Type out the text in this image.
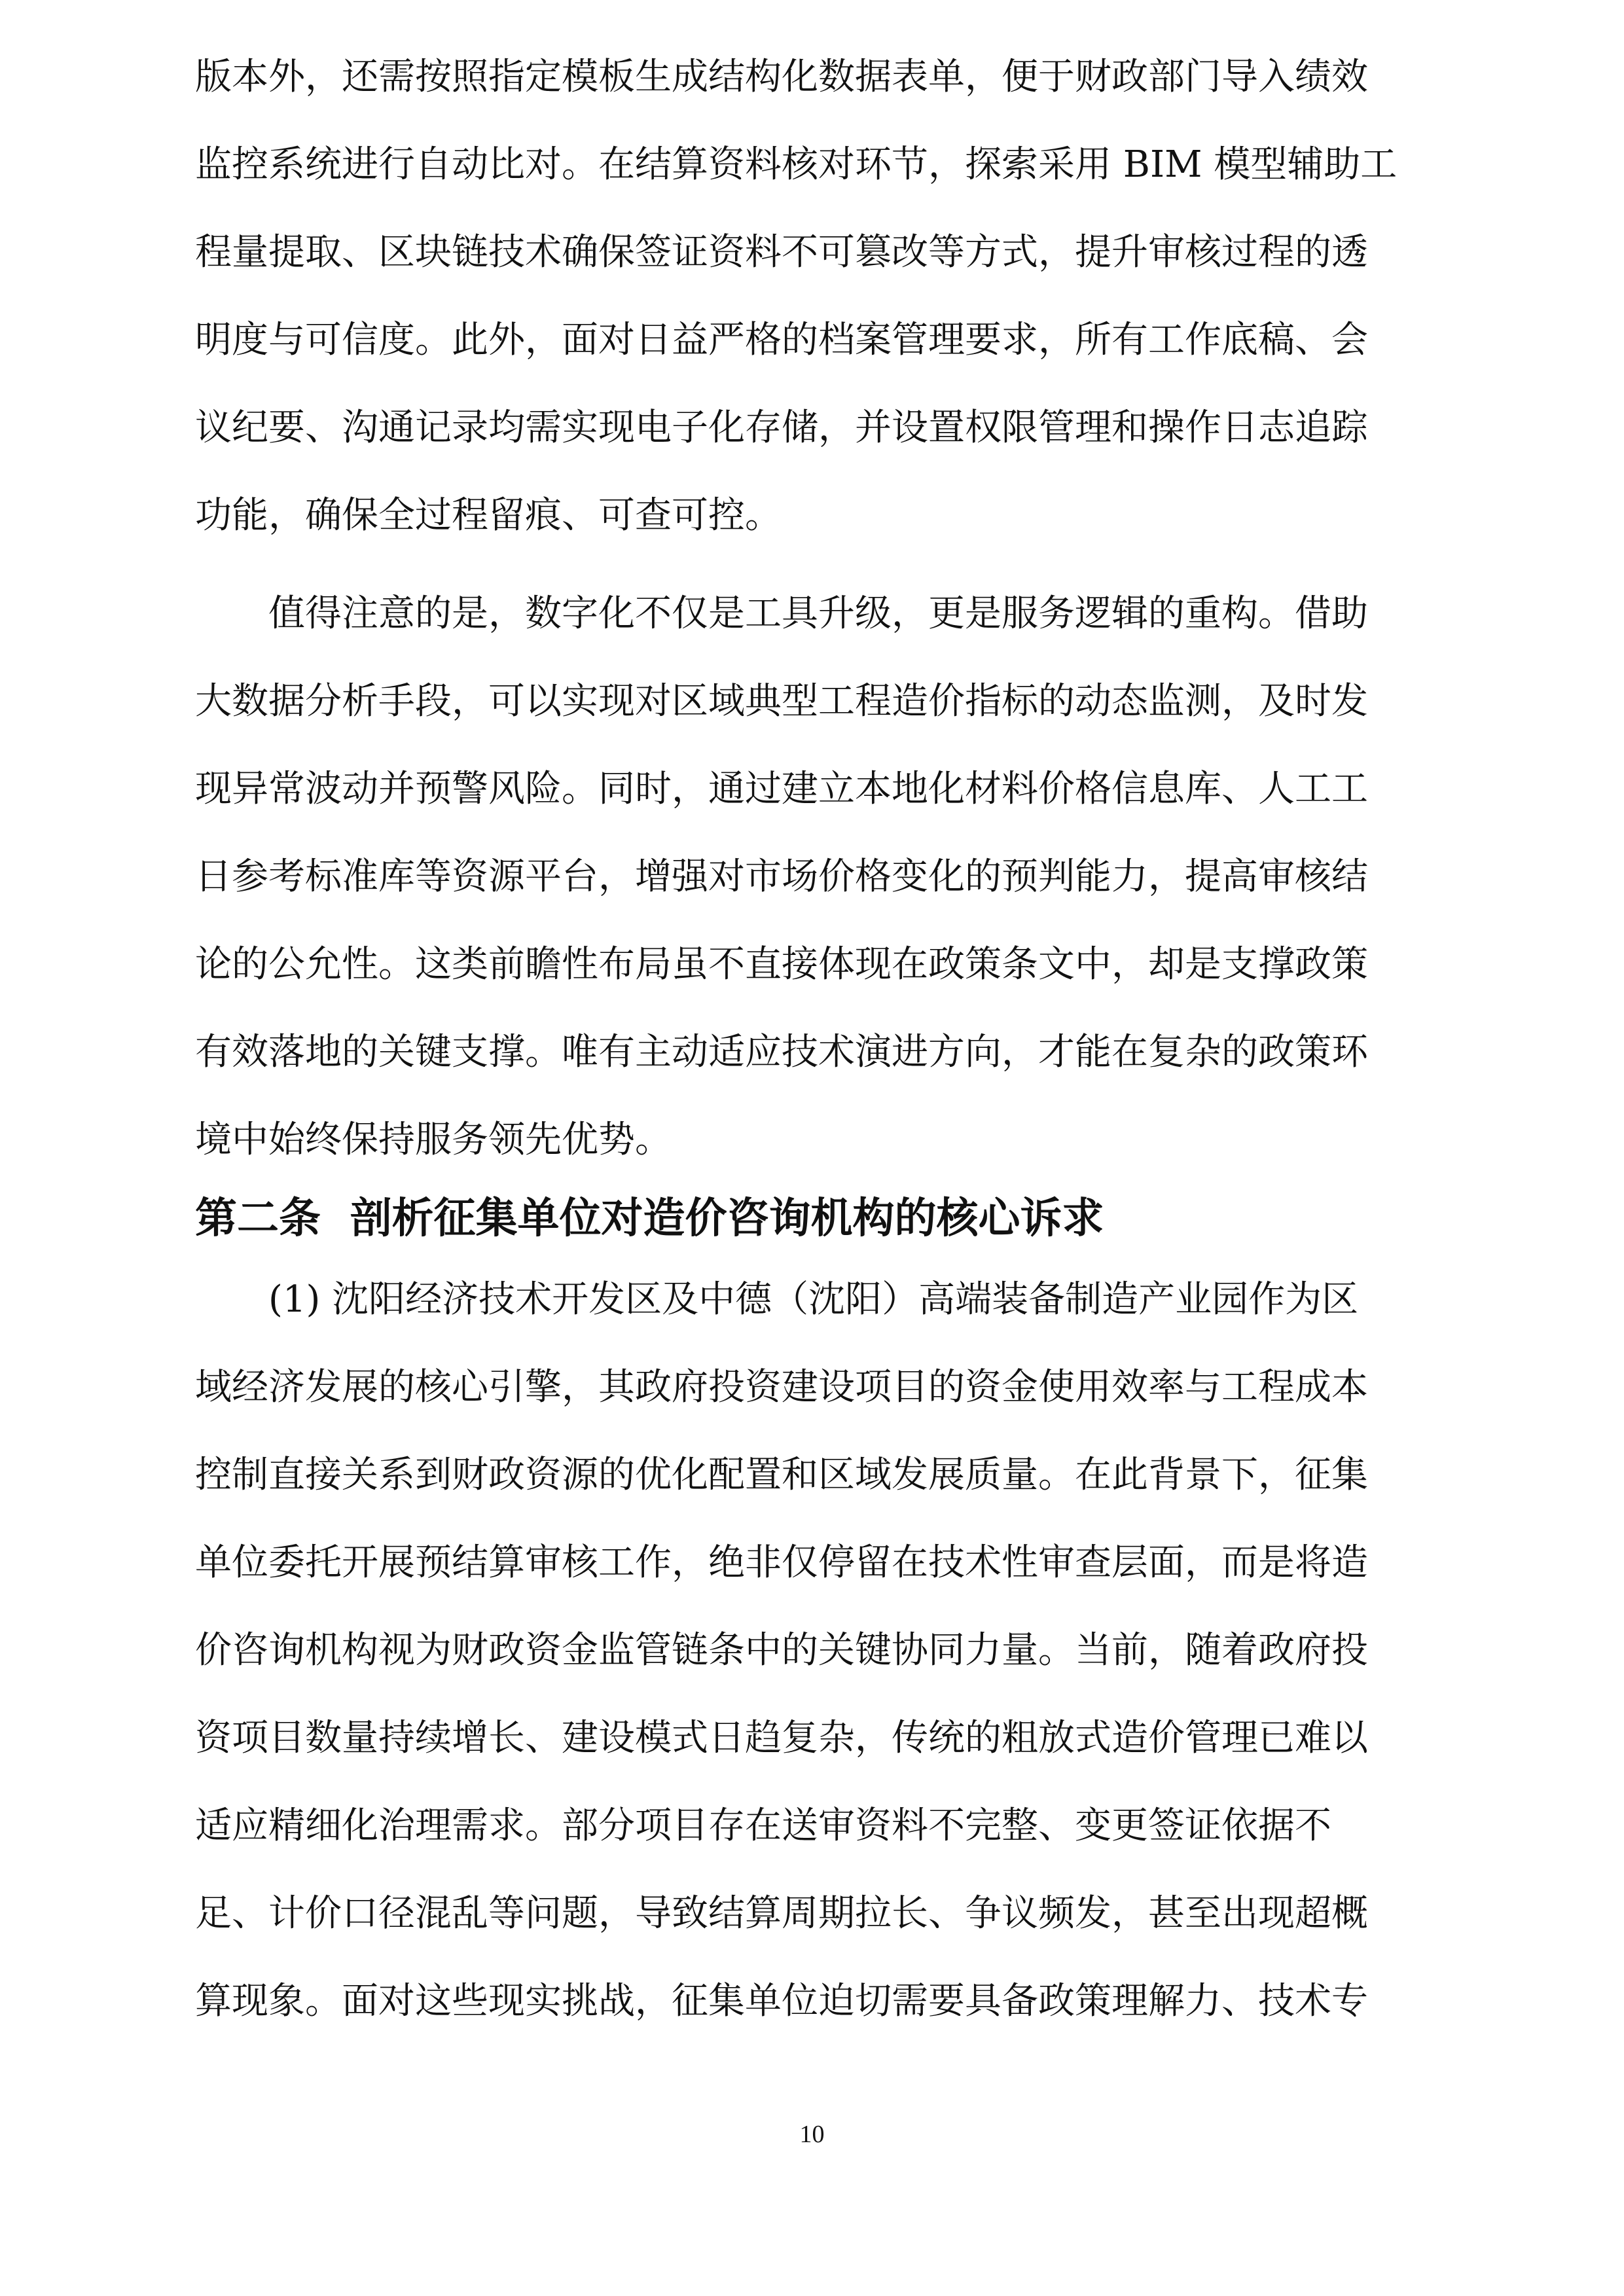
版本外，还需按照指定模板生成结构化数据表单，便于财政部门导入绩效
监控系统进行自动比对。在结算资料核对环节，探索采用 BIM 模型辅助工
程量提取、区块链技术确保签证资料不可篡改等方式，提升审核过程的透
明度与可信度。此外，面对日益严格的档案管理要求，所有工作底稿、会
议纪要、沟通记录均需实现电子化存储，并设置权限管理和操作日志追踪
功能，确保全过程留痕、可查可控。
　　值得注意的是，数字化不仅是工具升级，更是服务逻辑的重构。借助
大数据分析手段，可以实现对区域典型工程造价指标的动态监测，及时发
现异常波动并预警风险。同时，通过建立本地化材料价格信息库、人工工
日参考标准库等资源平台，增强对市场价格变化的预判能力，提高审核结
论的公允性。这类前瞻性布局虽不直接体现在政策条文中，却是支撑政策
有效落地的关键支撑。唯有主动适应技术演进方向，才能在复杂的政策环
境中始终保持服务领先优势。
第二条  剖析征集单位对造价咨询机构的核心诉求
　　(1) 沈阳经济技术开发区及中德（沈阳）高端装备制造产业园作为区
域经济发展的核心引擎，其政府投资建设项目的资金使用效率与工程成本
控制直接关系到财政资源的优化配置和区域发展质量。在此背景下，征集
单位委托开展预结算审核工作，绝非仅停留在技术性审查层面，而是将造
价咨询机构视为财政资金监管链条中的关键协同力量。当前，随着政府投
资项目数量持续增长、建设模式日趋复杂，传统的粗放式造价管理已难以
适应精细化治理需求。部分项目存在送审资料不完整、变更签证依据不
足、计价口径混乱等问题，导致结算周期拉长、争议频发，甚至出现超概
算现象。面对这些现实挑战，征集单位迫切需要具备政策理解力、技术专
10
